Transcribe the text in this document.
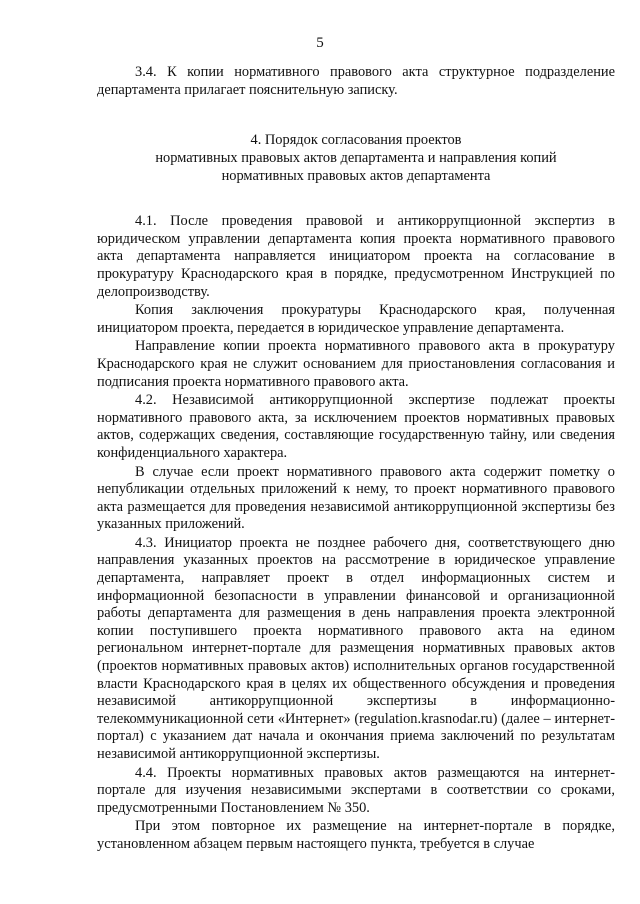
5

3.4. К копии нормативного правового акта структурное подразделение департамента прилагает пояснительную записку.

4. Порядок согласования проектов
нормативных правовых актов департамента и направления копий
нормативных правовых актов департамента

4.1. После проведения правовой и антикоррупционной экспертиз в юридическом управлении департамента копия проекта нормативного правового акта департамента направляется инициатором проекта на согласование в прокуратуру Краснодарского края в порядке, предусмотренном Инструкцией по делопроизводству.

Копия заключения прокуратуры Краснодарского края, полученная инициатором проекта, передается в юридическое управление департамента.

Направление копии проекта нормативного правового акта в прокуратуру Краснодарского края не служит основанием для приостановления согласования и подписания проекта нормативного правового акта.

4.2. Независимой антикоррупционной экспертизе подлежат проекты нормативного правового акта, за исключением проектов нормативных правовых актов, содержащих сведения, составляющие государственную тайну, или сведения конфиденциального характера.

В случае если проект нормативного правового акта содержит пометку о непубликации отдельных приложений к нему, то проект нормативного правового акта размещается для проведения независимой антикоррупционной экспертизы без указанных приложений.

4.3. Инициатор проекта не позднее рабочего дня, соответствующего дню направления указанных проектов на рассмотрение в юридическое управление департамента, направляет проект в отдел информационных систем и информационной безопасности в управлении финансовой и организационной работы департамента для размещения в день направления проекта электронной копии поступившего проекта нормативного правового акта на едином региональном интернет-портале для размещения нормативных правовых актов (проектов нормативных правовых актов) исполнительных органов государственной власти Краснодарского края в целях их общественного обсуждения и проведения независимой антикоррупционной экспертизы в информационно-телекоммуникационной сети «Интернет» (regulation.krasnodar.ru) (далее – интернет-портал) с указанием дат начала и окончания приема заключений по результатам независимой антикоррупционной экспертизы.

4.4. Проекты нормативных правовых актов размещаются на интернет-портале для изучения независимыми экспертами в соответствии со сроками, предусмотренными Постановлением № 350.

При этом повторное их размещение на интернет-портале в порядке, установленном абзацем первым настоящего пункта, требуется в случае
